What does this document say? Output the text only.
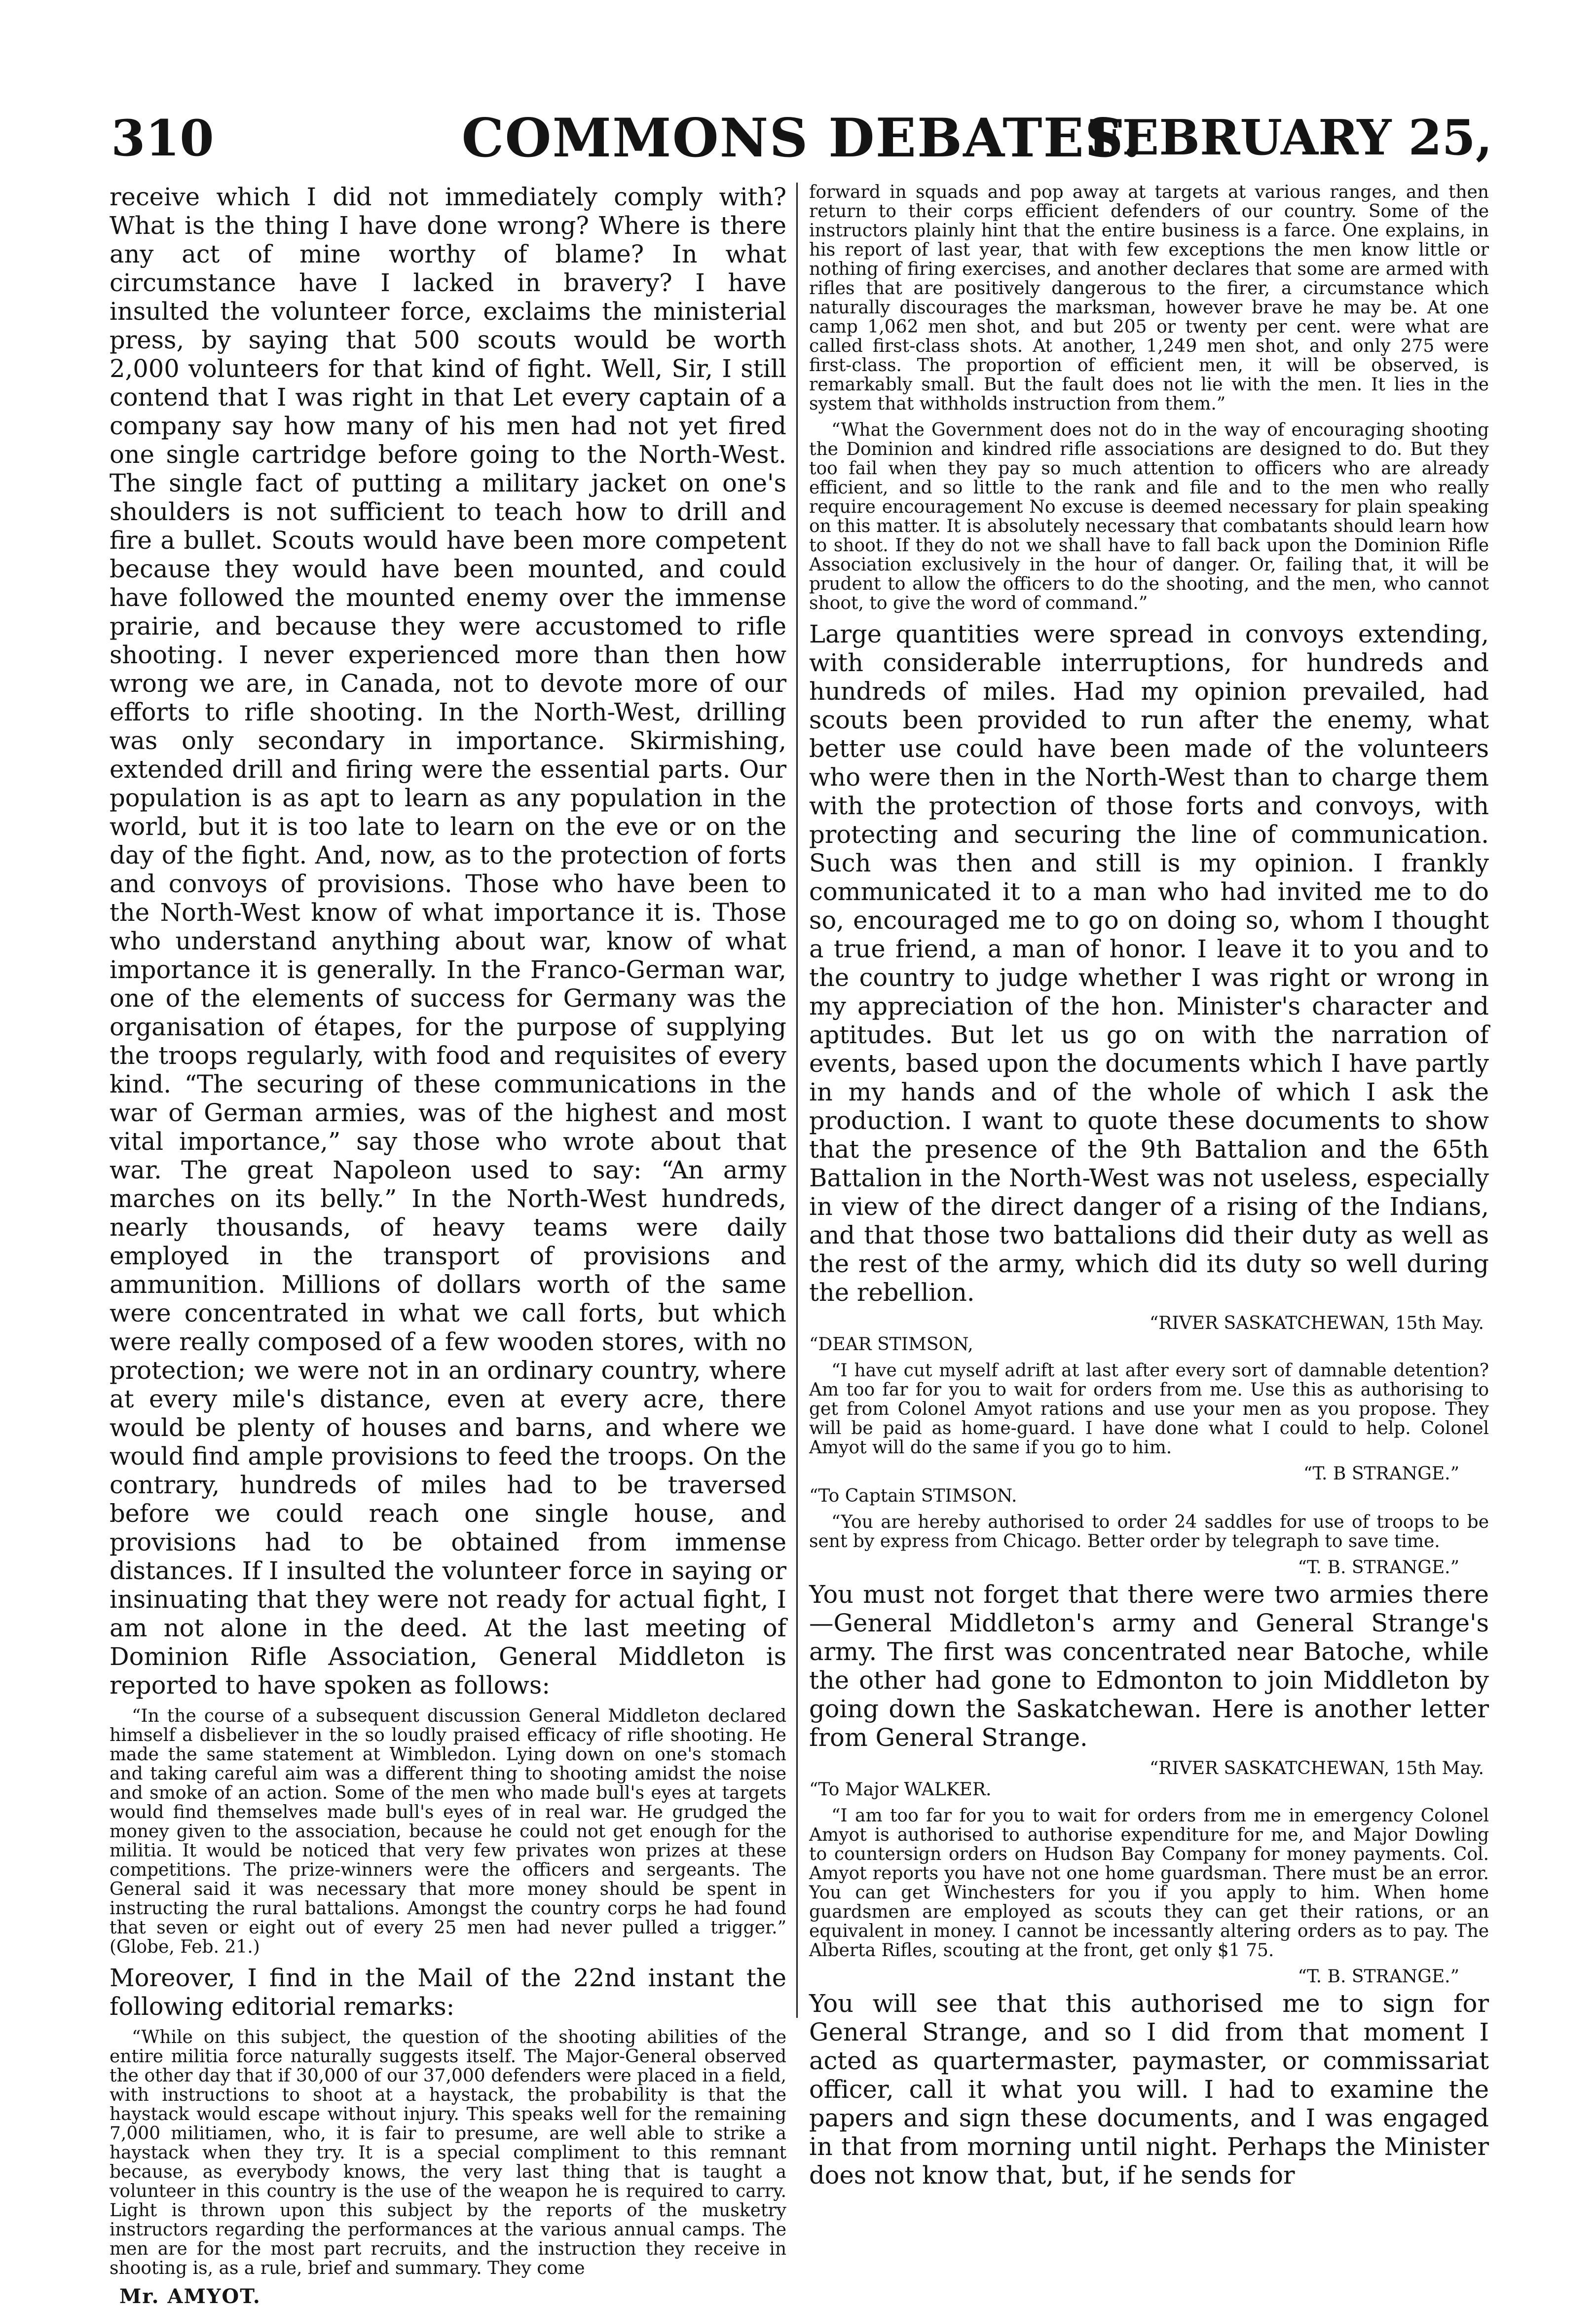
310	COMMONS DEBATES.
FEBRUARY 25,

receive which I did not immediately comply with? What is the thing I have done wrong? Where is there any act of mine worthy of blame? In what circumstance have I lacked in bravery? I have insulted the volunteer force, exclaims the ministerial press, by saying that 500 scouts would be worth 2,000 volunteers for that kind of fight. Well, Sir, I still contend that I was right in that Let every captain of a company say how many of his men had not yet fired one single cartridge before going to the North-West. The single fact of putting a military jacket on one's shoulders is not sufficient to teach how to drill and fire a bullet. Scouts would have been more competent because they would have been mounted, and could have followed the mounted enemy over the immense prairie, and because they were accustomed to rifle shooting. I never experienced more than then how wrong we are, in Canada, not to devote more of our efforts to rifle shooting. In the North-West, drilling was only secondary in importance. Skirmishing, extended drill and firing were the essential parts. Our population is as apt to learn as any population in the world, but it is too late to learn on the eve or on the day of the fight. And, now, as to the protection of forts and convoys of provisions. Those who have been to the North-West know of what importance it is. Those who understand anything about war, know of what importance it is generally. In the Franco-German war, one of the elements of success for Germany was the organisation of étapes, for the purpose of supplying the troops regularly, with food and requisites of every kind. “The securing of these communications in the war of German armies, was of the highest and most vital importance,” say those who wrote about that war. The great Napoleon used to say: “An army marches on its belly.” In the North-West hundreds, nearly thousands, of heavy teams were daily employed in the transport of provisions and ammunition. Millions of dollars worth of the same were concentrated in what we call forts, but which were really composed of a few wooden stores, with no protection; we were not in an ordinary country, where at every mile's distance, even at every acre, there would be plenty of houses and barns, and where we would find ample provisions to feed the troops. On the contrary, hundreds of miles had to be traversed before we could reach one single house, and provisions had to be obtained from immense distances. If I insulted the volunteer force in saying or insinuating that they were not ready for actual fight, I am not alone in the deed. At the last meeting of Dominion Rifle Association, General Middleton is reported to have spoken as follows:

“In the course of a subsequent discussion General Middleton declared himself a disbeliever in the so loudly praised efficacy of rifle shooting. He made the same statement at Wimbledon. Lying down on one's stomach and taking careful aim was a different thing to shooting amidst the noise and smoke of an action. Some of the men who made bull's eyes at targets would find themselves made bull's eyes of in real war. He grudged the money given to the association, because he could not get enough for the militia. It would be noticed that very few privates won prizes at these competitions. The prize-winners were the officers and sergeants. The General said it was necessary that more money should be spent in instructing the rural battalions. Amongst the country corps he had found that seven or eight out of every 25 men had never pulled a trigger.” (Globe, Feb. 21.)

Moreover, I find in the Mail of the 22nd instant the following editorial remarks:

“While on this subject, the question of the shooting abilities of the entire militia force naturally suggests itself. The Major-General observed the other day that if 30,000 of our 37,000 defenders were placed in a field, with instructions to shoot at a haystack, the probability is that the haystack would escape without injury. This speaks well for the remaining 7,000 militiamen, who, it is fair to presume, are well able to strike a haystack when they try. It is a special compliment to this remnant because, as everybody knows, the very last thing that is taught a volunteer in this country is the use of the weapon he is required to carry. Light is thrown upon this subject by the reports of the musketry instructors regarding the performances at the various annual camps. The men are for the most part recruits, and the instruction they receive in shooting is, as a rule, brief and summary. They come

Mr. AMYOT.

forward in squads and pop away at targets at various ranges, and then return to their corps efficient defenders of our country. Some of the instructors plainly hint that the entire business is a farce. One explains, in his report of last year, that with few exceptions the men know little or nothing of firing exercises, and another declares that some are armed with rifles that are positively dangerous to the firer, a circumstance which naturally discourages the marksman, however brave he may be. At one camp 1,062 men shot, and but 205 or twenty per cent. were what are called first-class shots. At another, 1,249 men shot, and only 275 were first-class. The proportion of efficient men, it will be observed, is remarkably small. But the fault does not lie with the men. It lies in the system that withholds instruction from them.”

“What the Government does not do in the way of encouraging shooting the Dominion and kindred rifle associations are designed to do. But they too fail when they pay so much attention to officers who are already efficient, and so little to the rank and file and to the men who really require encouragement No excuse is deemed necessary for plain speaking on this matter. It is absolutely necessary that combatants should learn how to shoot. If they do not we shall have to fall back upon the Dominion Rifle Association exclusively in the hour of danger. Or, failing that, it will be prudent to allow the officers to do the shooting, and the men, who cannot shoot, to give the word of command.”

Large quantities were spread in convoys extending, with considerable interruptions, for hundreds and hundreds of miles. Had my opinion prevailed, had scouts been provided to run after the enemy, what better use could have been made of the volunteers who were then in the North-West than to charge them with the protection of those forts and convoys, with protecting and securing the line of communication. Such was then and still is my opinion. I frankly communicated it to a man who had invited me to do so, encouraged me to go on doing so, whom I thought a true friend, a man of honor. I leave it to you and to the country to judge whether I was right or wrong in my appreciation of the hon. Minister's character and aptitudes. But let us go on with the narration of events, based upon the documents which I have partly in my hands and of the whole of which I ask the production. I want to quote these documents to show that the presence of the 9th Battalion and the 65th Battalion in the North-West was not useless, especially in view of the direct danger of a rising of the Indians, and that those two battalions did their duty as well as the rest of the army, which did its duty so well during the rebellion.

“RIVER SASKATCHEWAN, 15th May.

“DEAR STIMSON,

“I have cut myself adrift at last after every sort of damnable detention? Am too far for you to wait for orders from me. Use this as authorising to get from Colonel Amyot rations and use your men as you propose. They will be paid as home-guard. I have done what I could to help. Colonel Amyot will do the same if you go to him.

“T. B STRANGE.”

“To Captain STIMSON.

“You are hereby authorised to order 24 saddles for use of troops to be sent by express from Chicago. Better order by telegraph to save time.

“T. B. STRANGE.”

You must not forget that there were two armies there—General Middleton's army and General Strange's army. The first was concentrated near Batoche, while the other had gone to Edmonton to join Middleton by going down the Saskatchewan. Here is another letter from General Strange.

“RIVER SASKATCHEWAN, 15th May.

“To Major WALKER.

“I am too far for you to wait for orders from me in emergency Colonel Amyot is authorised to authorise expenditure for me, and Major Dowling to countersign orders on Hudson Bay Company for money payments. Col. Amyot reports you have not one home guardsman. There must be an error. You can get Winchesters for you if you apply to him. When home guardsmen are employed as scouts they can get their rations, or an equivalent in money. I cannot be incessantly altering orders as to pay. The Alberta Rifles, scouting at the front, get only $1 75.

“T. B. STRANGE.”

You will see that this authorised me to sign for General Strange, and so I did from that moment I acted as quartermaster, paymaster, or commissariat officer, call it what you will. I had to examine the papers and sign these documents, and I was engaged in that from morning until night. Perhaps the Minister does not know that, but, if he sends for
